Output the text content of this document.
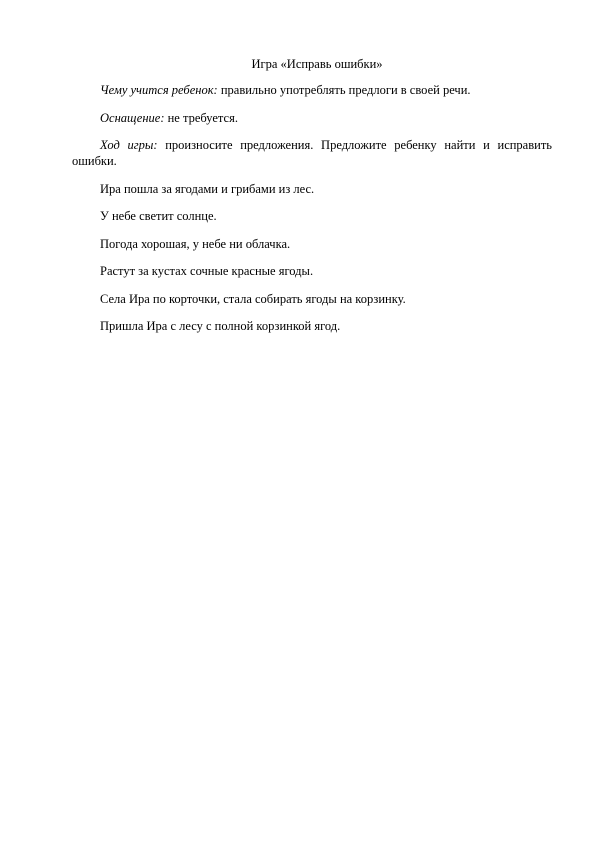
Игра «Исправь ошибки»

Чему учится ребенок: правильно употреблять предлоги в своей речи.

Оснащение: не требуется.

Ход игры: произносите предложения. Предложите ребенку найти и исправить ошибки.

Ира пошла за ягодами и грибами из лес.

У небе светит солнце.

Погода хорошая, у небе ни облачка.

Растут за кустах сочные красные ягоды.

Села Ира по корточки, стала собирать ягоды на корзинку.

Пришла Ира с лесу с полной корзинкой ягод.
